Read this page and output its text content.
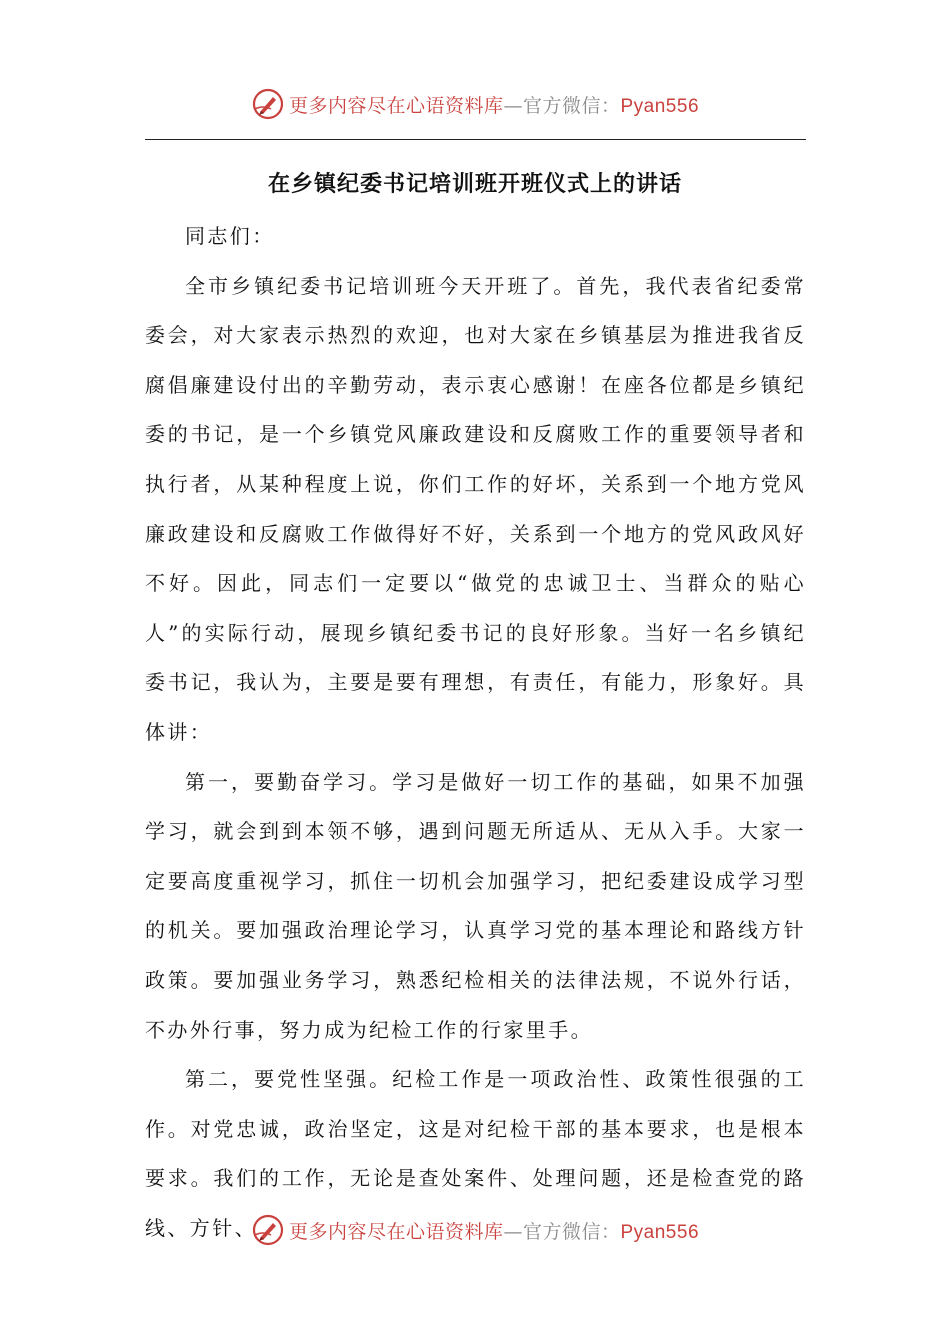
更多内容尽在心语资料库—官方微信：Pyan556
在乡镇纪委书记培训班开班仪式上的讲话

同志们：

全市乡镇纪委书记培训班今天开班了。首先，我代表省纪委常委会，对大家表示热烈的欢迎，也对大家在乡镇基层为推进我省反腐倡廉建设付出的辛勤劳动，表示衷心感谢！在座各位都是乡镇纪委的书记，是一个乡镇党风廉政建设和反腐败工作的重要领导者和执行者，从某种程度上说，你们工作的好坏，关系到一个地方党风廉政建设和反腐败工作做得好不好，关系到一个地方的党风政风好不好。因此，同志们一定要以“做党的忠诚卫士、当群众的贴心人”的实际行动，展现乡镇纪委书记的良好形象。当好一名乡镇纪委书记，我认为，主要是要有理想，有责任，有能力，形象好。具体讲：

第一，要勤奋学习。学习是做好一切工作的基础，如果不加强学习，就会到到本领不够，遇到问题无所适从、无从入手。大家一定要高度重视学习，抓住一切机会加强学习，把纪委建设成学习型的机关。要加强政治理论学习，认真学习党的基本理论和路线方针政策。要加强业务学习，熟悉纪检相关的法律法规，不说外行话，不办外行事，努力成为纪检工作的行家里手。

第二，要党性坚强。纪检工作是一项政治性、政策性很强的工作。对党忠诚，政治坚定，这是对纪检干部的基本要求，也是根本要求。我们的工作，无论是查处案件、处理问题，还是检查党的路线、方针、	更多内容尽在心语资料库—官方微信：Pyan556
